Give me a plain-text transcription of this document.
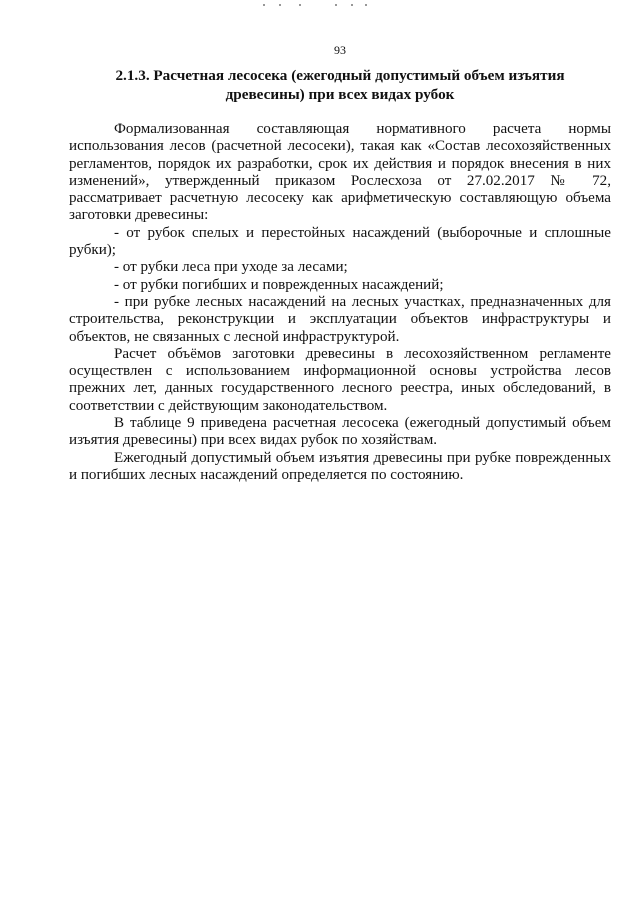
93
2.1.3. Расчетная лесосека (ежегодный допустимый объем изъятия
древесины) при всех видах рубок

Формализованная составляющая нормативного расчета нормы использования лесов (расчетной лесосеки), такая как «Состав лесохозяйственных регламентов, порядок их разработки, срок их действия и порядок внесения в них изменений», утвержденный приказом Рослесхоза от 27.02.2017 № 72, рассматривает расчетную лесосеку как арифметическую составляющую объема заготовки древесины:

- от рубок спелых и перестойных насаждений (выборочные и сплошные рубки);

- от рубки леса при уходе за лесами;

- от рубки погибших и поврежденных насаждений;

- при рубке лесных насаждений на лесных участках, предназначенных для строительства, реконструкции и эксплуатации объектов инфраструктуры и объектов, не связанных с лесной инфраструктурой.

Расчет объёмов заготовки древесины в лесохозяйственном регламенте осуществлен с использованием информационной основы устройства лесов прежних лет, данных государственного лесного реестра, иных обследований, в соответствии с действующим законодательством.

В таблице 9 приведена расчетная лесосека (ежегодный допустимый объем изъятия древесины) при всех видах рубок по хозяйствам.

Ежегодный допустимый объем изъятия древесины при рубке поврежденных и погибших лесных насаждений определяется по состоянию.
